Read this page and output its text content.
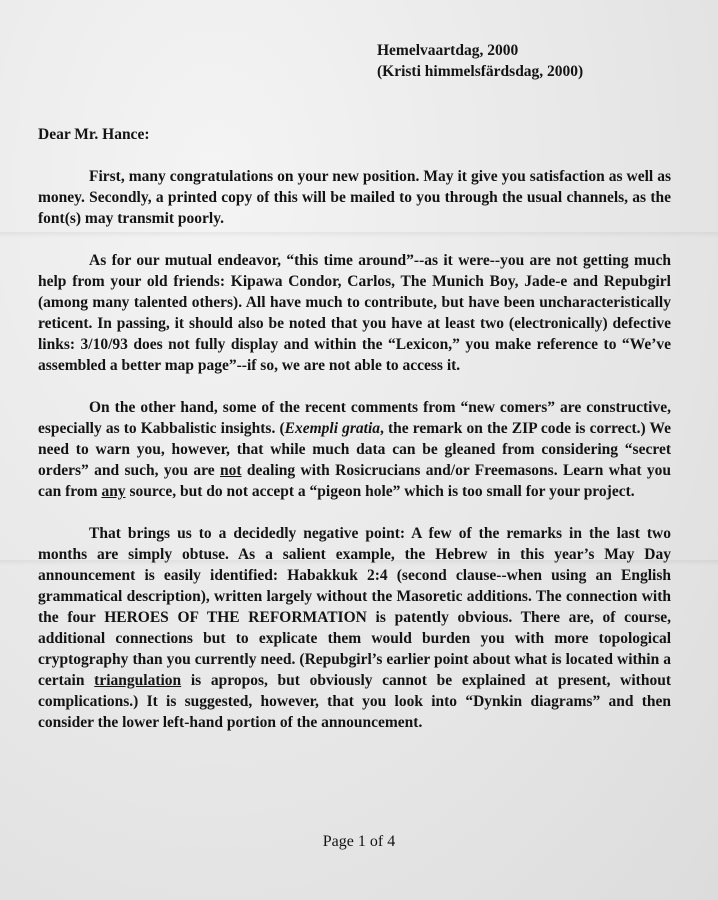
Hemelvaartdag, 2000
(Kristi himmelsfärdsdag, 2000)
Dear Mr. Hance:

First, many congratulations on your new position. May it give you satisfaction as well as money. Secondly, a printed copy of this will be mailed to you through the usual channels, as the font(s) may transmit poorly.

As for our mutual endeavor, “this time around”--as it were--you are not getting much help from your old friends: Kipawa Condor, Carlos, The Munich Boy, Jade-e and Repubgirl (among many talented others). All have much to contribute, but have been uncharacteristically reticent. In passing, it should also be noted that you have at least two (electronically) defective links: 3/10/93 does not fully display and within the “Lexicon,” you make reference to “We’ve assembled a better map page”--if so, we are not able to access it.

On the other hand, some of the recent comments from “new comers” are constructive, especially as to Kabbalistic insights. (Exempli gratia, the remark on the ZIP code is correct.) We need to warn you, however, that while much data can be gleaned from considering “secret orders” and such, you are not dealing with Rosicrucians and/or Freemasons. Learn what you can from any source, but do not accept a “pigeon hole” which is too small for your project.

That brings us to a decidedly negative point: A few of the remarks in the last two months are simply obtuse. As a salient example, the Hebrew in this year’s May Day announcement is easily identified: Habakkuk 2:4 (second clause--when using an English grammatical description), written largely without the Masoretic additions. The connection with the four HEROES OF THE REFORMATION is patently obvious. There are, of course, additional connections but to explicate them would burden you with more topological cryptography than you currently need. (Repubgirl’s earlier point about what is located within a certain triangulation is apropos, but obviously cannot be explained at present, without complications.) It is suggested, however, that you look into “Dynkin diagrams” and then consider the lower left-hand portion of the announcement.

Page 1 of 4
